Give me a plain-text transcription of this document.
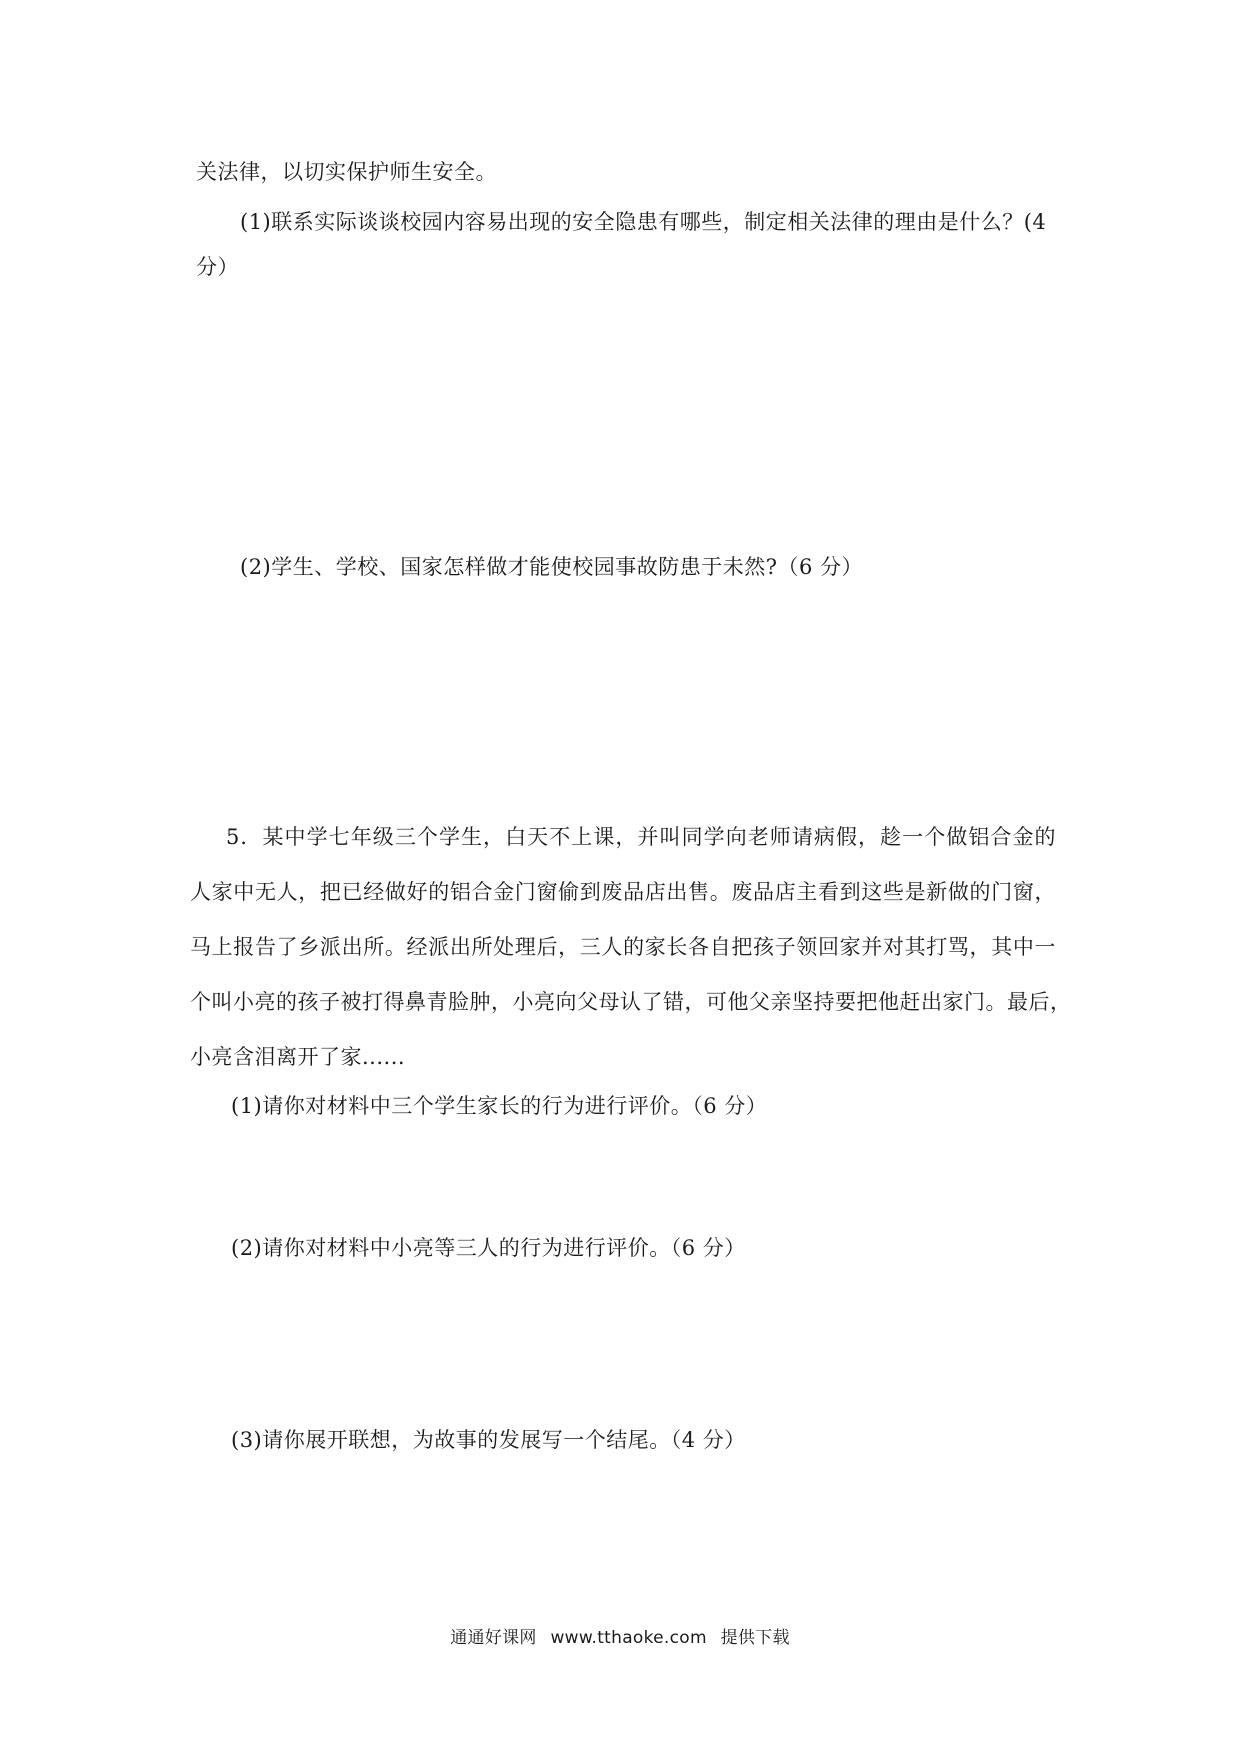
关法律，以切实保护师生安全。
(1)联系实际谈谈校园内容易出现的安全隐患有哪些，制定相关法律的理由是什么？(4
分）
(2)学生、学校、国家怎样做才能使校园事故防患于未然?（6 分）
5．某中学七年级三个学生，白天不上课，并叫同学向老师请病假，趁一个做铝合金的
人家中无人，把已经做好的铝合金门窗偷到废品店出售。废品店主看到这些是新做的门窗，
马上报告了乡派出所。经派出所处理后，三人的家长各自把孩子领回家并对其打骂，其中一
个叫小亮的孩子被打得鼻青脸肿，小亮向父母认了错，可他父亲坚持要把他赶出家门。最后，
小亮含泪离开了家......
(1)请你对材料中三个学生家长的行为进行评价。（6 分）
(2)请你对材料中小亮等三人的行为进行评价。（6 分）
(3)请你展开联想，为故事的发展写一个结尾。（4 分）
通通好课网 www.tthaoke.com 提供下载
